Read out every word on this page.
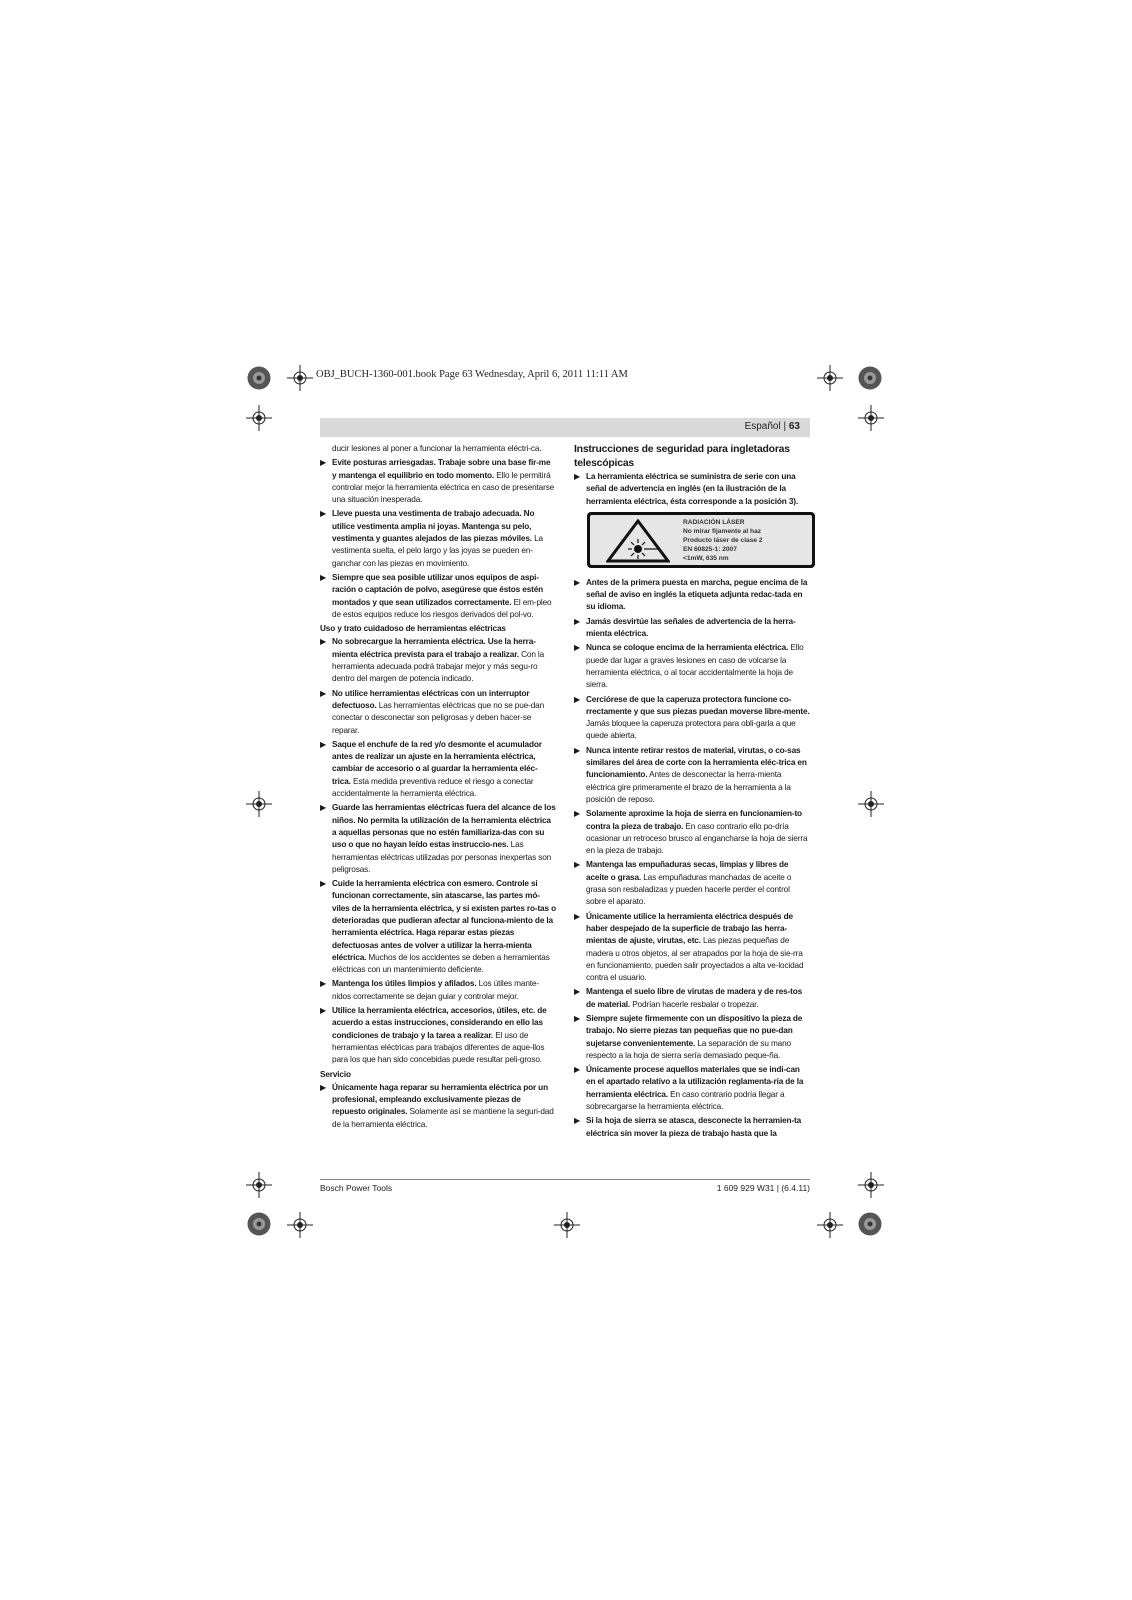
OBJ_BUCH-1360-001.book Page 63 Wednesday, April 6, 2011 11:11 AM
Español | 63

ducir lesiones al poner a funcionar la herramienta eléctri-ca.

▶ Evite posturas arriesgadas. Trabaje sobre una base fir-me y mantenga el equilibrio en todo momento. Ello le permitirá controlar mejor la herramienta eléctrica en caso de presentarse una situación inesperada.
▶ Lleve puesta una vestimenta de trabajo adecuada. No utilice vestimenta amplia ni joyas. Mantenga su pelo, vestimenta y guantes alejados de las piezas móviles. La vestimenta suelta, el pelo largo y las joyas se pueden en-ganchar con las piezas en movimiento.
▶ Siempre que sea posible utilizar unos equipos de aspi-ración o captación de polvo, asegúrese que éstos estén montados y que sean utilizados correctamente. El em-pleo de estos equipos reduce los riesgos derivados del pol-vo.

Uso y trato cuidadoso de herramientas eléctricas

▶ No sobrecargue la herramienta eléctrica. Use la herra-mienta eléctrica prevista para el trabajo a realizar. Con la herramienta adecuada podrá trabajar mejor y más segu-ro dentro del margen de potencia indicado.
▶ No utilice herramientas eléctricas con un interruptor defectuoso. Las herramientas eléctricas que no se pue-dan conectar o desconectar son peligrosas y deben hacer-se reparar.
▶ Saque el enchufe de la red y/o desmonte el acumulador antes de realizar un ajuste en la herramienta eléctrica, cambiar de accesorio o al guardar la herramienta eléc-trica. Esta medida preventiva reduce el riesgo a conectar accidentalmente la herramienta eléctrica.
▶ Guarde las herramientas eléctricas fuera del alcance de los niños. No permita la utilización de la herramienta eléctrica a aquellas personas que no estén familiariza-das con su uso o que no hayan leído estas instruccio-nes. Las herramientas eléctricas utilizadas por personas inexpertas son peligrosas.
▶ Cuide la herramienta eléctrica con esmero. Controle si funcionan correctamente, sin atascarse, las partes mó-viles de la herramienta eléctrica, y si existen partes ro-tas o deterioradas que pudieran afectar al funciona-miento de la herramienta eléctrica. Haga reparar estas piezas defectuosas antes de volver a utilizar la herra-mienta eléctrica. Muchos de los accidentes se deben a herramientas eléctricas con un mantenimiento deficiente.
▶ Mantenga los útiles limpios y afilados. Los útiles mante-nidos correctamente se dejan guiar y controlar mejor.
▶ Utilice la herramienta eléctrica, accesorios, útiles, etc. de acuerdo a estas instrucciones, considerando en ello las condiciones de trabajo y la tarea a realizar. El uso de herramientas eléctricas para trabajos diferentes de aque-llos para los que han sido concebidas puede resultar peli-groso.

Servicio

▶ Únicamente haga reparar su herramienta eléctrica por un profesional, empleando exclusivamente piezas de repuesto originales. Solamente así se mantiene la seguri-dad de la herramienta eléctrica.

Instrucciones de seguridad para ingletadoras telescópicas

▶ La herramienta eléctrica se suministra de serie con una señal de advertencia en inglés (en la ilustración de la herramienta eléctrica, ésta corresponde a la posición 3).
RADIACIÓN LÁSER
No mirar fijamente al haz
Producto láser de clase 2
EN 60825-1: 2007
<1mW, 635 nm
▶ Antes de la primera puesta en marcha, pegue encima de la señal de aviso en inglés la etiqueta adjunta redac-tada en su idioma.
▶ Jamás desvirtúe las señales de advertencia de la herra-mienta eléctrica.
▶ Nunca se coloque encima de la herramienta eléctrica. Ello puede dar lugar a graves lesiones en caso de volcarse la herramienta eléctrica, o al tocar accidentalmente la hoja de sierra.
▶ Cerciórese de que la caperuza protectora funcione co-rrectamente y que sus piezas puedan moverse libre-mente. Jamás bloquee la caperuza protectora para obli-garla a que quede abierta.
▶ Nunca intente retirar restos de material, virutas, o co-sas similares del área de corte con la herramienta eléc-trica en funcionamiento. Antes de desconectar la herra-mienta eléctrica gire primeramente el brazo de la herramienta a la posición de reposo.
▶ Solamente aproxime la hoja de sierra en funcionamien-to contra la pieza de trabajo. En caso contrario ello po-dría ocasionar un retroceso brusco al engancharse la hoja de sierra en la pieza de trabajo.
▶ Mantenga las empuñaduras secas, limpias y libres de aceite o grasa. Las empuñaduras manchadas de aceite o grasa son resbaladizas y pueden hacerle perder el control sobre el aparato.
▶ Únicamente utilice la herramienta eléctrica después de haber despejado de la superficie de trabajo las herra-mientas de ajuste, virutas, etc. Las piezas pequeñas de madera u otros objetos, al ser atrapados por la hoja de sie-rra en funcionamiento, pueden salir proyectados a alta ve-locidad contra el usuario.
▶ Mantenga el suelo libre de virutas de madera y de res-tos de material. Podrían hacerle resbalar o tropezar.
▶ Siempre sujete firmemente con un dispositivo la pieza de trabajo. No sierre piezas tan pequeñas que no pue-dan sujetarse convenientemente. La separación de su mano respecto a la hoja de sierra sería demasiado peque-ña.
▶ Únicamente procese aquellos materiales que se indi-can en el apartado relativo a la utilización reglamenta-ria de la herramienta eléctrica. En caso contrario podría llegar a sobrecargarse la herramienta eléctrica.
▶ Si la hoja de sierra se atasca, desconecte la herramien-ta eléctrica sin mover la pieza de trabajo hasta que la
Bosch Power Tools	1 609 929 W31 | (6.4.11)
